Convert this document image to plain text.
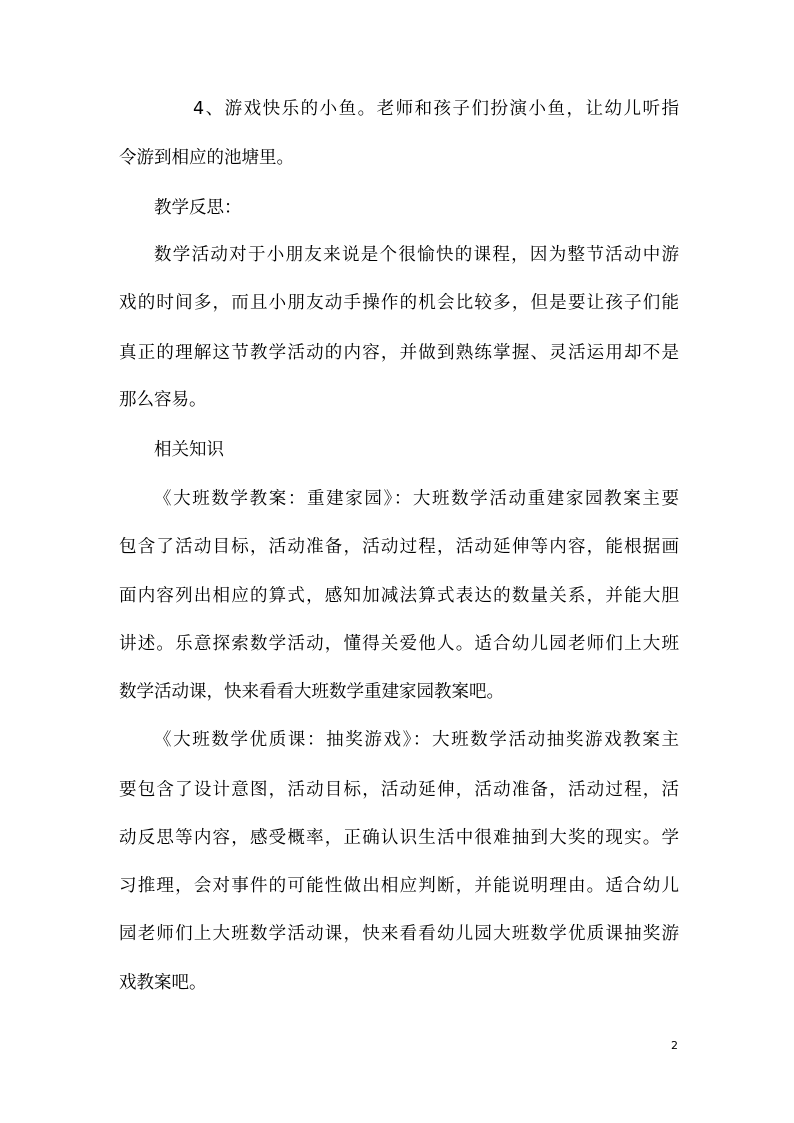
4、游戏快乐的小鱼。老师和孩子们扮演小鱼，让幼儿听指

令游到相应的池塘里。

教学反思：

数学活动对于小朋友来说是个很愉快的课程，因为整节活动中游

戏的时间多，而且小朋友动手操作的机会比较多，但是要让孩子们能

真正的理解这节教学活动的内容，并做到熟练掌握、灵活运用却不是

那么容易。

相关知识

《大班数学教案：重建家园》：大班数学活动重建家园教案主要

包含了活动目标，活动准备，活动过程，活动延伸等内容，能根据画

面内容列出相应的算式，感知加减法算式表达的数量关系，并能大胆

讲述。乐意探索数学活动，懂得关爱他人。适合幼儿园老师们上大班

数学活动课，快来看看大班数学重建家园教案吧。

《大班数学优质课：抽奖游戏》：大班数学活动抽奖游戏教案主

要包含了设计意图，活动目标，活动延伸，活动准备，活动过程，活

动反思等内容，感受概率，正确认识生活中很难抽到大奖的现实。学

习推理，会对事件的可能性做出相应判断，并能说明理由。适合幼儿

园老师们上大班数学活动课，快来看看幼儿园大班数学优质课抽奖游

戏教案吧。

2
